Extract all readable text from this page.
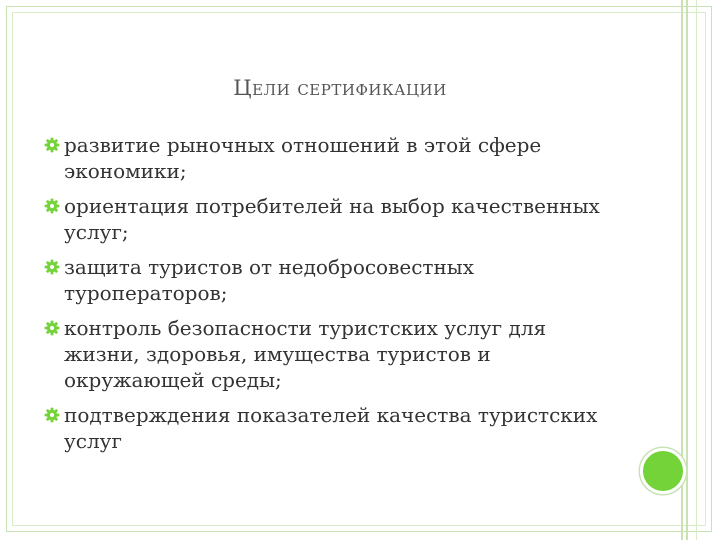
Цели сертификации
развитие рыночных отношений в этой сфере экономики;
ориентация потребителей на выбор качественных услуг;
защита туристов от недобросовестных туроператоров;
контроль безопасности туристских услуг для жизни, здоровья, имущества туристов и окружающей среды;
подтверждения показателей качества туристских услуг
